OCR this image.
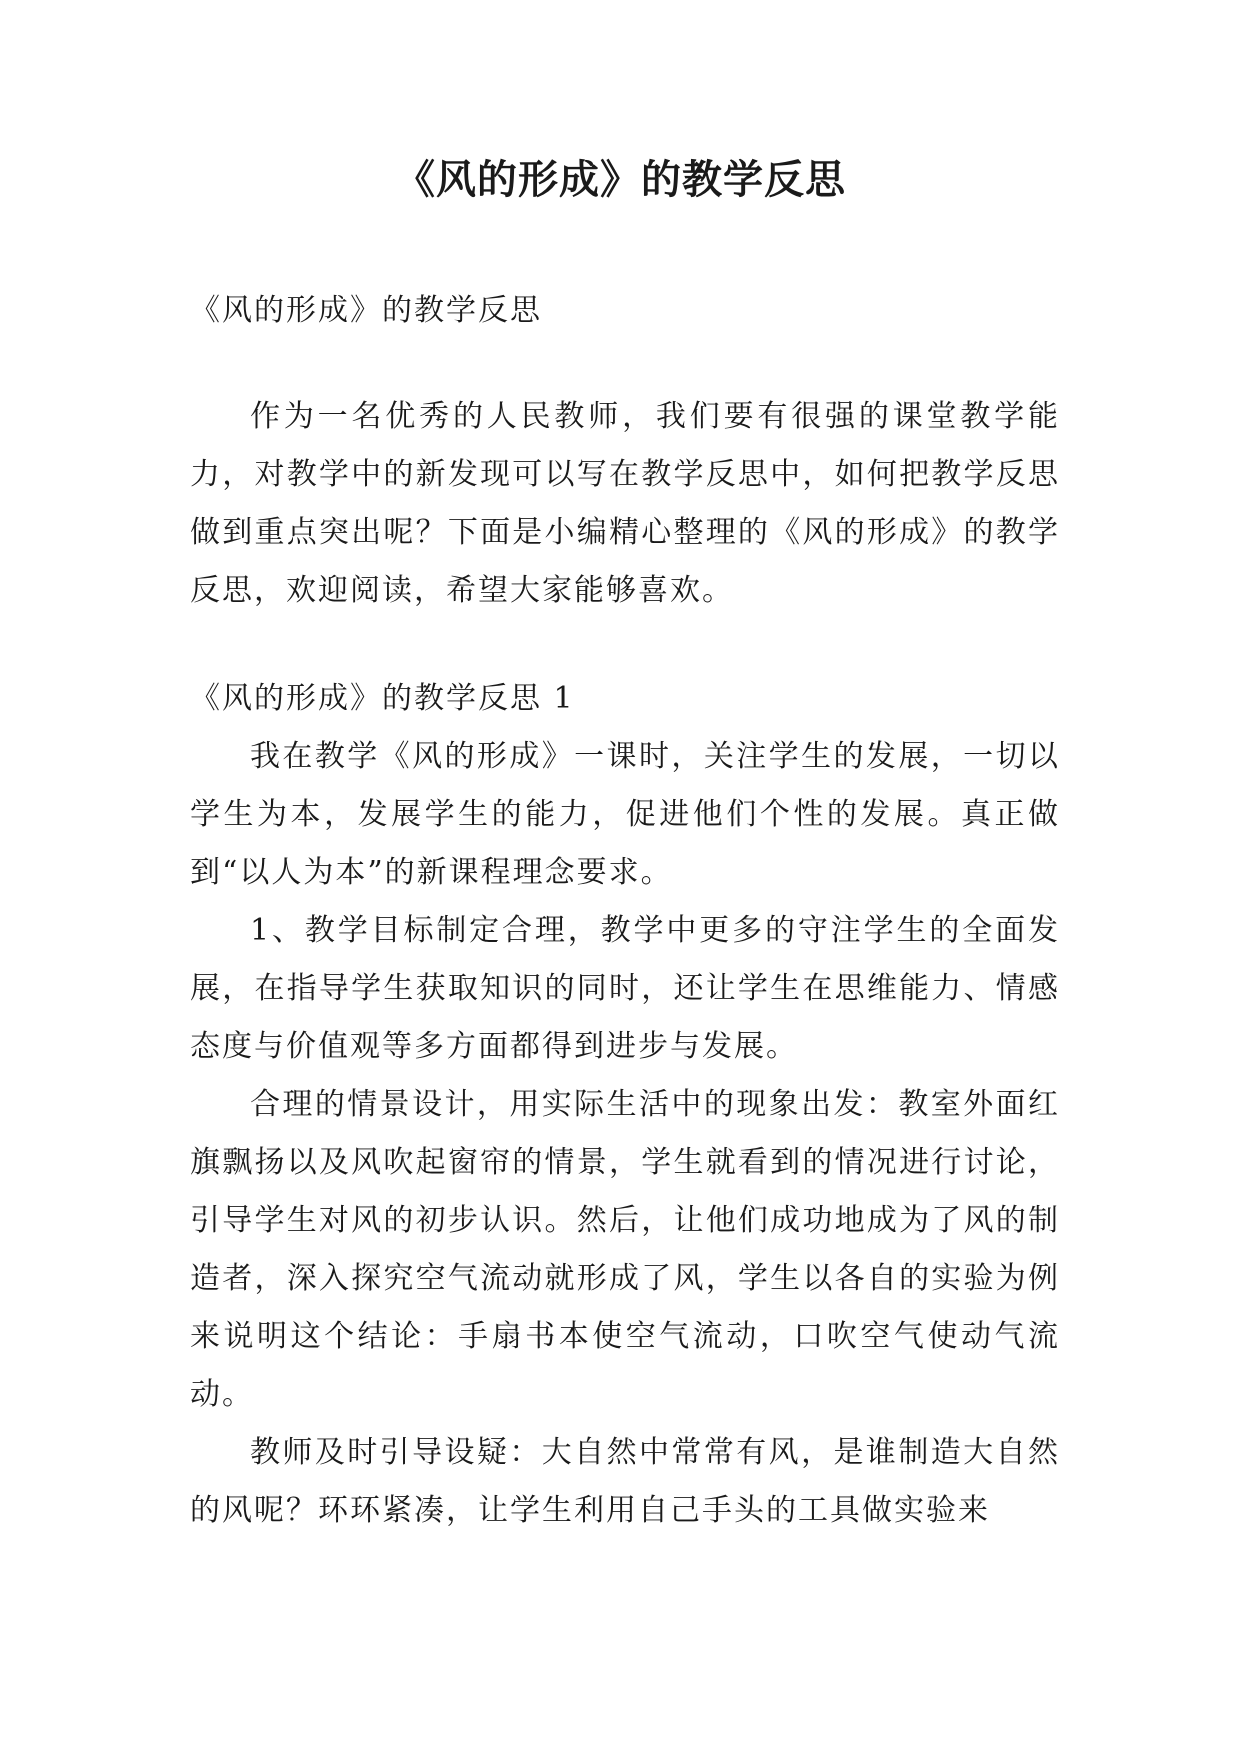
《风的形成》的教学反思

《风的形成》的教学反思

作为一名优秀的人民教师，我们要有很强的课堂教学能力，对教学中的新发现可以写在教学反思中，如何把教学反思做到重点突出呢？下面是小编精心整理的《风的形成》的教学反思，欢迎阅读，希望大家能够喜欢。

《风的形成》的教学反思 1

我在教学《风的形成》一课时，关注学生的发展，一切以学生为本，发展学生的能力，促进他们个性的发展。真正做到“以人为本”的新课程理念要求。

1、教学目标制定合理，教学中更多的守注学生的全面发展，在指导学生获取知识的同时，还让学生在思维能力、情感态度与价值观等多方面都得到进步与发展。

合理的情景设计，用实际生活中的现象出发：教室外面红旗飘扬以及风吹起窗帘的情景，学生就看到的情况进行讨论，引导学生对风的初步认识。然后，让他们成功地成为了风的制造者，深入探究空气流动就形成了风，学生以各自的实验为例来说明这个结论：手扇书本使空气流动，口吹空气使动气流动。

教师及时引导设疑：大自然中常常有风，是谁制造大自然的风呢？环环紧凑，让学生利用自己手头的工具做实验来
